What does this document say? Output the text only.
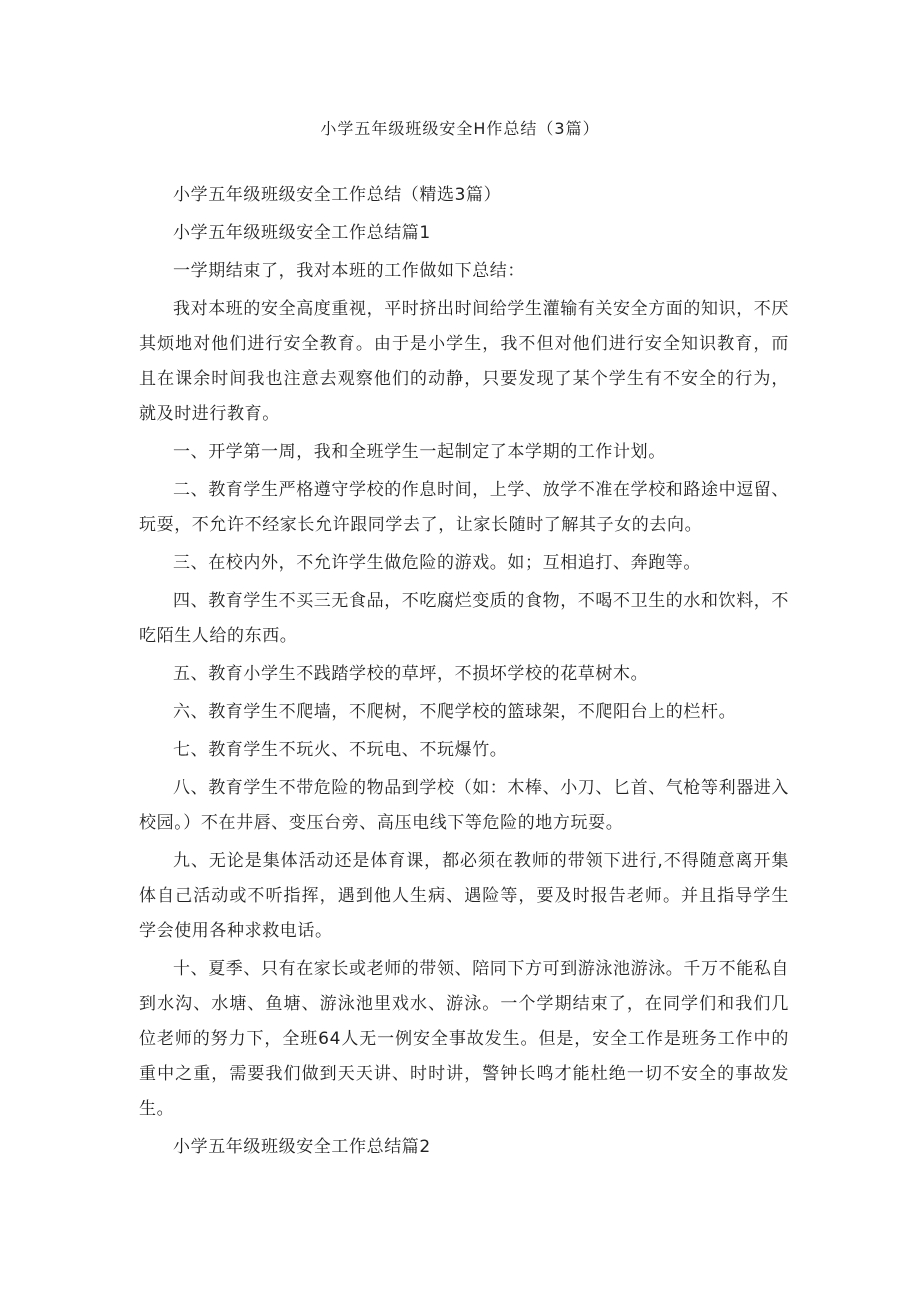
小学五年级班级安全H作总结（3篇）

小学五年级班级安全工作总结（精选3篇）

小学五年级班级安全工作总结篇1

一学期结束了，我对本班的工作做如下总结：

我对本班的安全高度重视，平时挤出时间给学生灌输有关安全方面的知识，不厌其烦地对他们进行安全教育。由于是小学生，我不但对他们进行安全知识教育，而且在课余时间我也注意去观察他们的动静，只要发现了某个学生有不安全的行为，就及时进行教育。

一、开学第一周，我和全班学生一起制定了本学期的工作计划。

二、教育学生严格遵守学校的作息时间，上学、放学不准在学校和路途中逗留、玩耍，不允许不经家长允许跟同学去了，让家长随时了解其子女的去向。

三、在校内外，不允许学生做危险的游戏。如；互相追打、奔跑等。

四、教育学生不买三无食品，不吃腐烂变质的食物，不喝不卫生的水和饮料，不吃陌生人给的东西。

五、教育小学生不践踏学校的草坪，不损坏学校的花草树木。

六、教育学生不爬墙，不爬树，不爬学校的篮球架，不爬阳台上的栏杆。

七、教育学生不玩火、不玩电、不玩爆竹。

八、教育学生不带危险的物品到学校（如：木棒、小刀、匕首、气枪等利器进入校园。）不在井唇、变压台旁、高压电线下等危险的地方玩耍。

九、无论是集体活动还是体育课，都必须在教师的带领下进行,不得随意离开集体自己活动或不听指挥，遇到他人生病、遇险等，要及时报告老师。并且指导学生学会使用各种求救电话。

十、夏季、只有在家长或老师的带领、陪同下方可到游泳池游泳。千万不能私自到水沟、水塘、鱼塘、游泳池里戏水、游泳。一个学期结束了，在同学们和我们几位老师的努力下，全班64人无一例安全事故发生。但是，安全工作是班务工作中的重中之重，需要我们做到天天讲、时时讲，警钟长鸣才能杜绝一切不安全的事故发生。

小学五年级班级安全工作总结篇2
